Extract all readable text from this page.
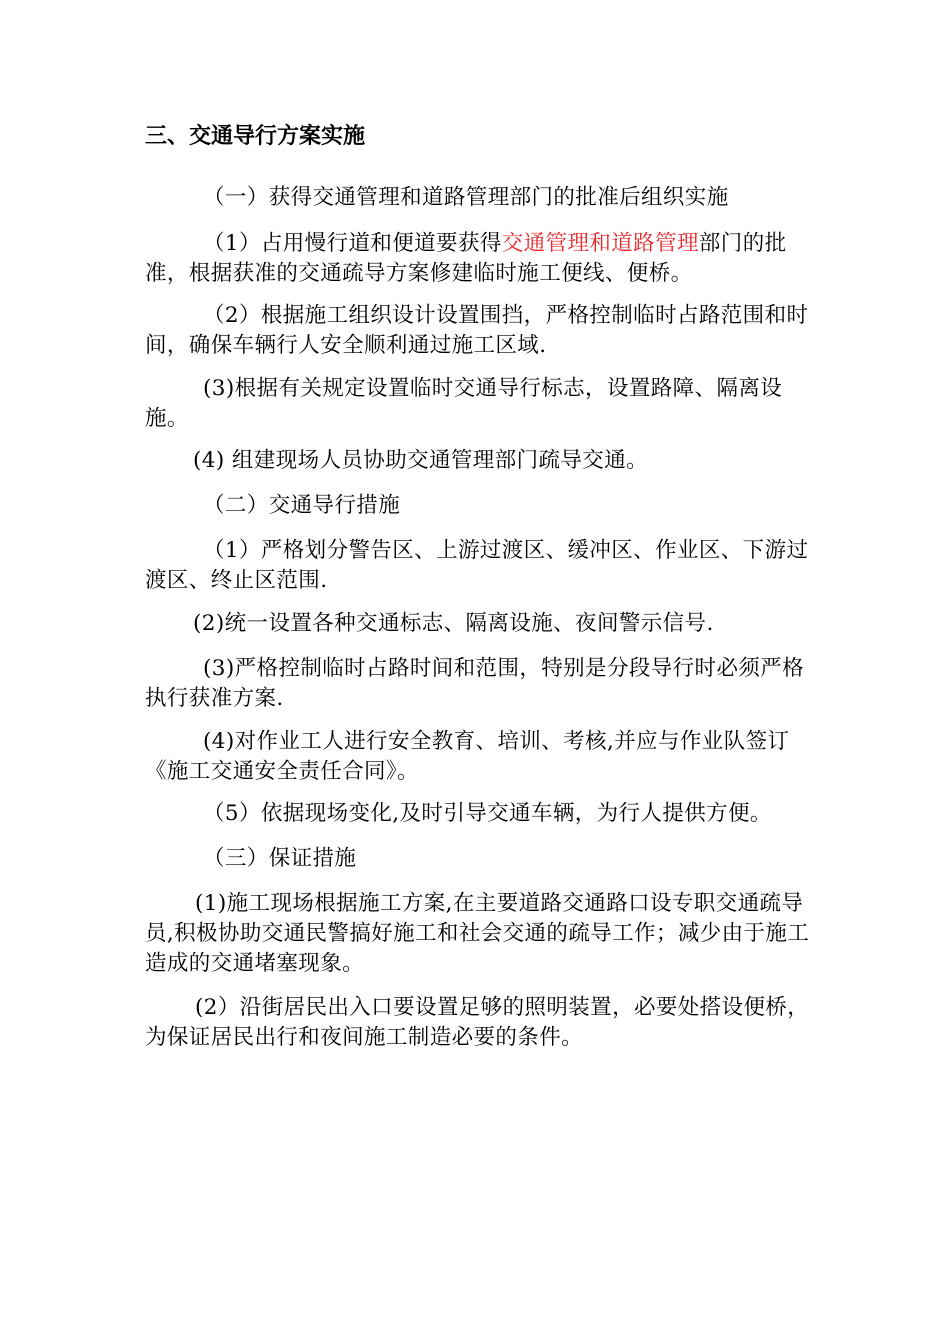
三、交通导行方案实施
（一）获得交通管理和道路管理部门的批准后组织实施
（1）占用慢行道和便道要获得交通管理和道路管理部门的批准，根据获准的交通疏导方案修建临时施工便线、便桥。
（2）根据施工组织设计设置围挡，严格控制临时占路范围和时间，确保车辆行人安全顺利通过施工区域.
(3)根据有关规定设置临时交通导行标志，设置路障、隔离设施。
(4) 组建现场人员协助交通管理部门疏导交通。
（二）交通导行措施
（1）严格划分警告区、上游过渡区、缓冲区、作业区、下游过渡区、终止区范围.
(2)统一设置各种交通标志、隔离设施、夜间警示信号.
(3)严格控制临时占路时间和范围，特别是分段导行时必须严格执行获准方案.
(4)对作业工人进行安全教育、培训、考核,并应与作业队签订《施工交通安全责任合同》。
（5）依据现场变化,及时引导交通车辆，为行人提供方便。
（三）保证措施
(1)施工现场根据施工方案,在主要道路交通路口设专职交通疏导员,积极协助交通民警搞好施工和社会交通的疏导工作；减少由于施工造成的交通堵塞现象。
(2）沿街居民出入口要设置足够的照明装置，必要处搭设便桥，为保证居民出行和夜间施工制造必要的条件。
